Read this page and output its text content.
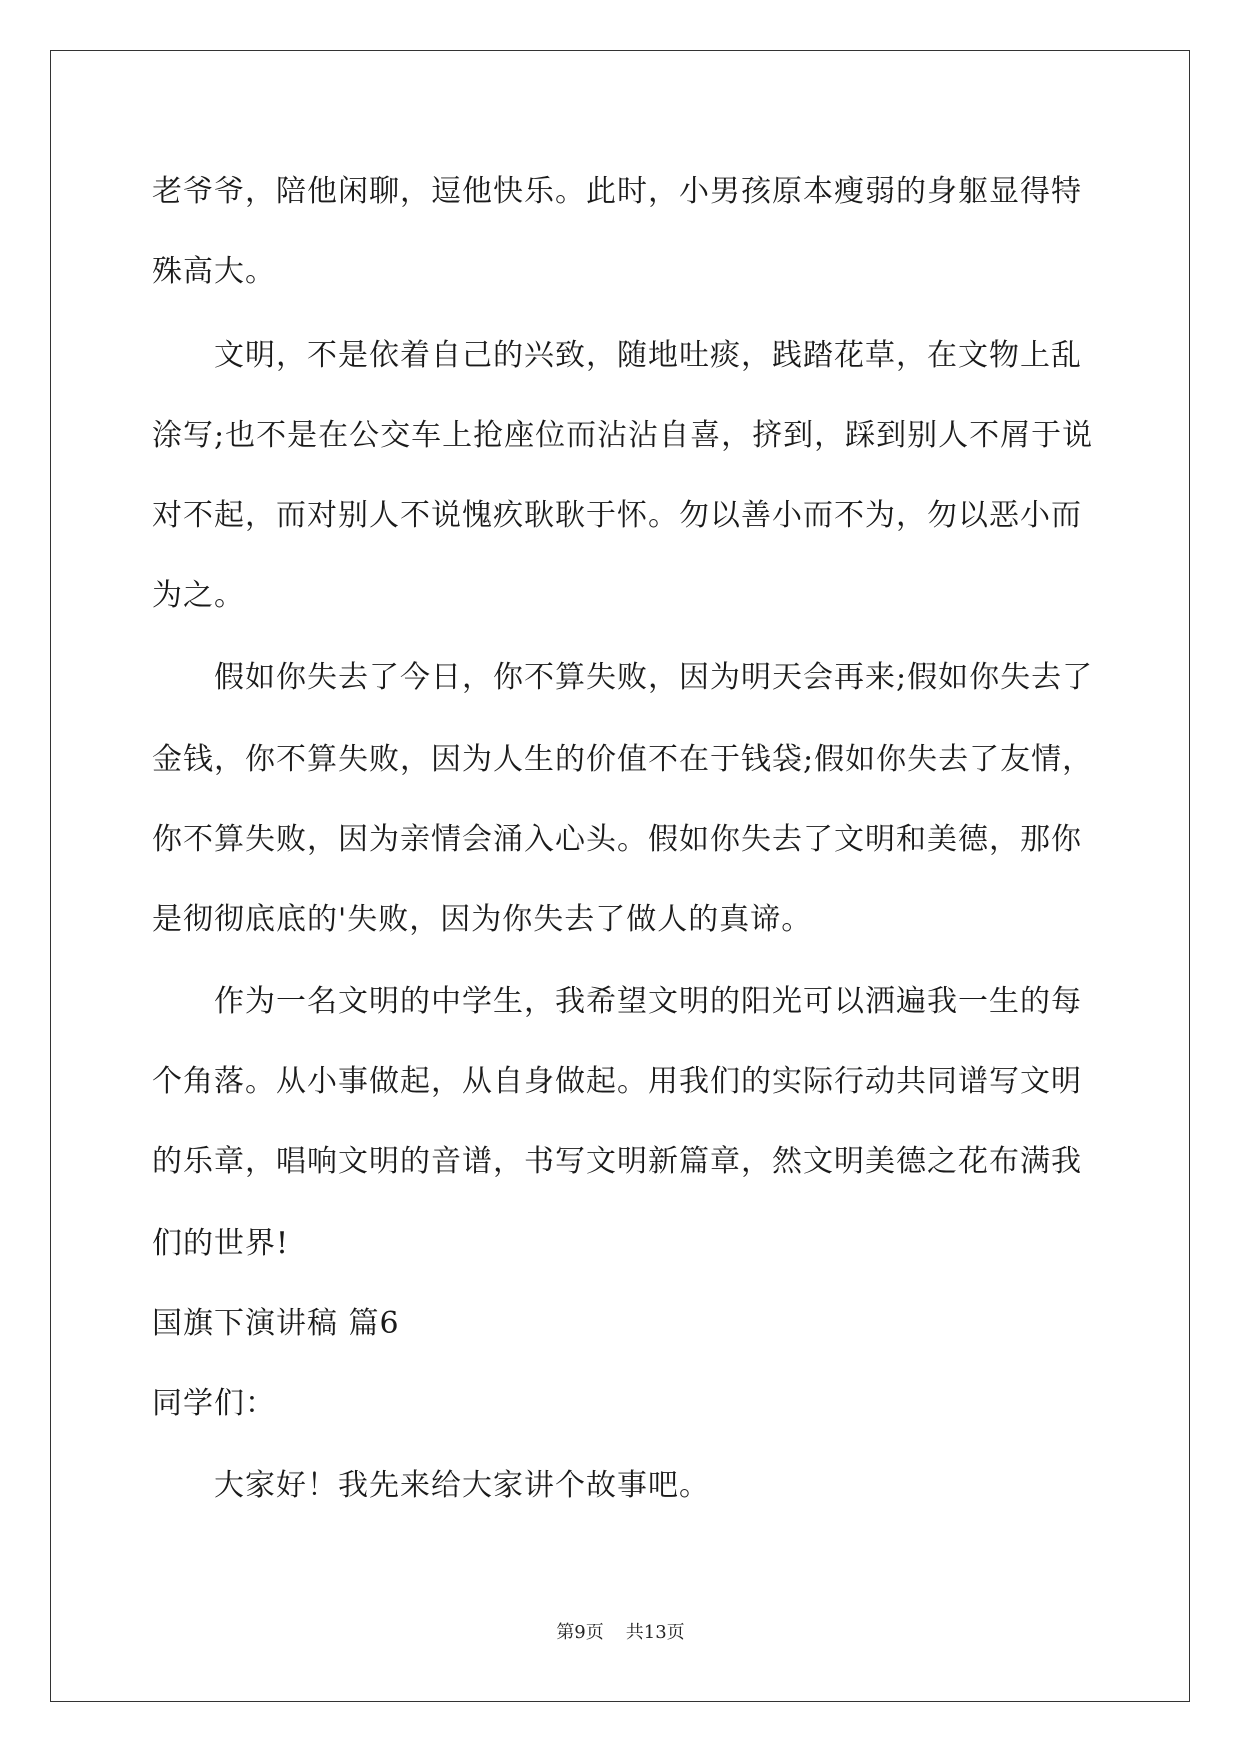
老爷爷，陪他闲聊，逗他快乐。此时，小男孩原本瘦弱的身躯显得特
殊高大。
文明，不是依着自己的兴致，随地吐痰，践踏花草，在文物上乱
涂写;也不是在公交车上抢座位而沾沾自喜，挤到，踩到别人不屑于说
对不起，而对别人不说愧疚耿耿于怀。勿以善小而不为，勿以恶小而
为之。
假如你失去了今日，你不算失败，因为明天会再来;假如你失去了
金钱，你不算失败，因为人生的价值不在于钱袋;假如你失去了友情，
你不算失败，因为亲情会涌入心头。假如你失去了文明和美德，那你
是彻彻底底的'失败，因为你失去了做人的真谛。
作为一名文明的中学生，我希望文明的阳光可以洒遍我一生的每
个角落。从小事做起，从自身做起。用我们的实际行动共同谱写文明
的乐章，唱响文明的音谱，书写文明新篇章，然文明美德之花布满我
们的世界!
国旗下演讲稿 篇6
同学们：
大家好！我先来给大家讲个故事吧。
第9页 共13页
